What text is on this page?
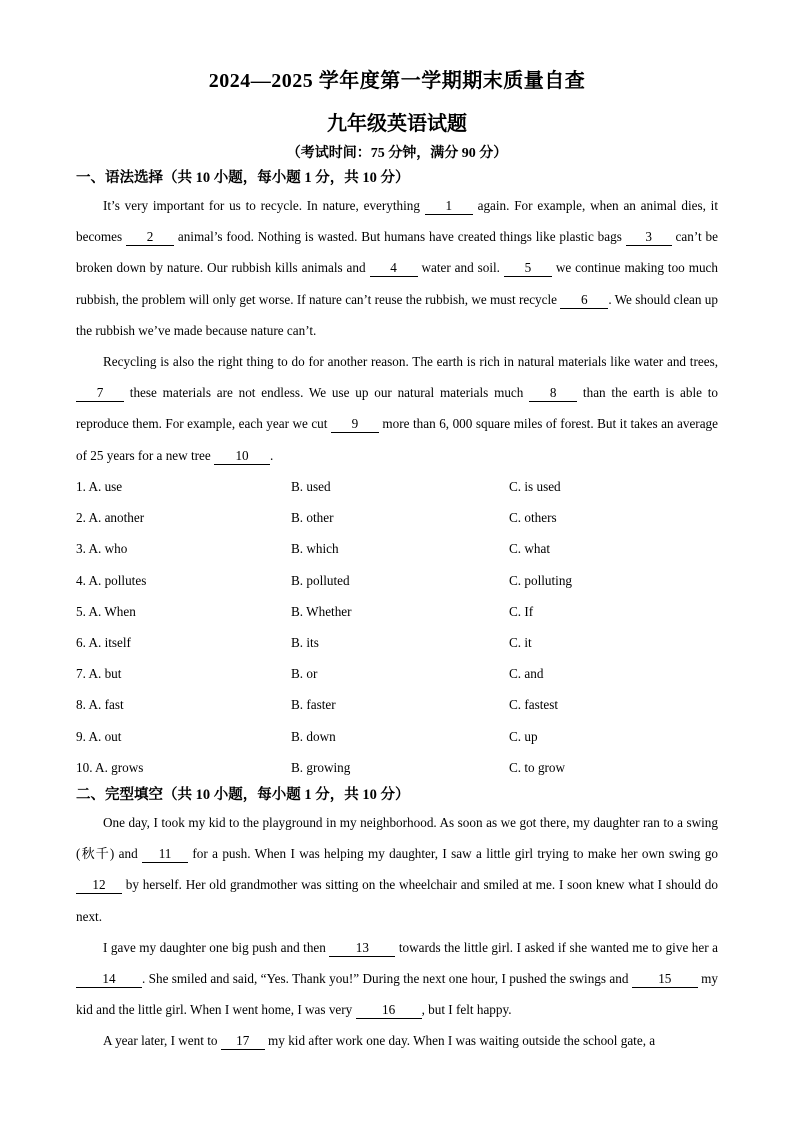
2024—2025 学年度第一学期期末质量自查
九年级英语试题
（考试时间：75 分钟，满分 90 分）
一、语法选择（共 10 小题，每小题 1 分，共 10 分）

It’s very important for us to recycle. In nature, everything 1 again. For example, when an animal dies, it becomes 2 animal’s food. Nothing is wasted. But humans have created things like plastic bags 3 can’t be broken down by nature. Our rubbish kills animals and 4 water and soil. 5 we continue making too much rubbish, the problem will only get worse. If nature can’t reuse the rubbish, we must recycle 6 . We should clean up the rubbish we’ve made because nature can’t.

Recycling is also the right thing to do for another reason. The earth is rich in natural materials like water and trees, 7 these materials are not endless. We use up our natural materials much 8 than the earth is able to reproduce them. For example, each year we cut 9 more than 6, 000 square miles of forest. But it takes an average of 25 years for a new tree 10 .

1. A. use	B. used	C. is used
2. A. another	B. other	C. others
3. A. who	B. which	C. what
4. A. pollutes	B. polluted	C. polluting
5. A. When	B. Whether	C. If
6. A. itself	B. its	C. it
7. A. but	B. or	C. and
8. A. fast	B. faster	C. fastest
9. A. out	B. down	C. up
10. A. grows	B. growing	C. to grow
二、完型填空（共 10 小题，每小题 1 分，共 10 分）

One day, I took my kid to the playground in my neighborhood. As soon as we got there, my daughter ran to a swing (秋千) and 11 for a push. When I was helping my daughter, I saw a little girl trying to make her own swing go 12 by herself. Her old grandmother was sitting on the wheelchair and smiled at me. I soon knew what I should do next.

I gave my daughter one big push and then 13 towards the little girl. I asked if she wanted me to give her a 14 . She smiled and said, “Yes. Thank you!” During the next one hour, I pushed the swings and 15 my kid and the little girl. When I went home, I was very 16 , but I felt happy.

A year later, I went to 17 my kid after work one day. When I was waiting outside the school gate, a
